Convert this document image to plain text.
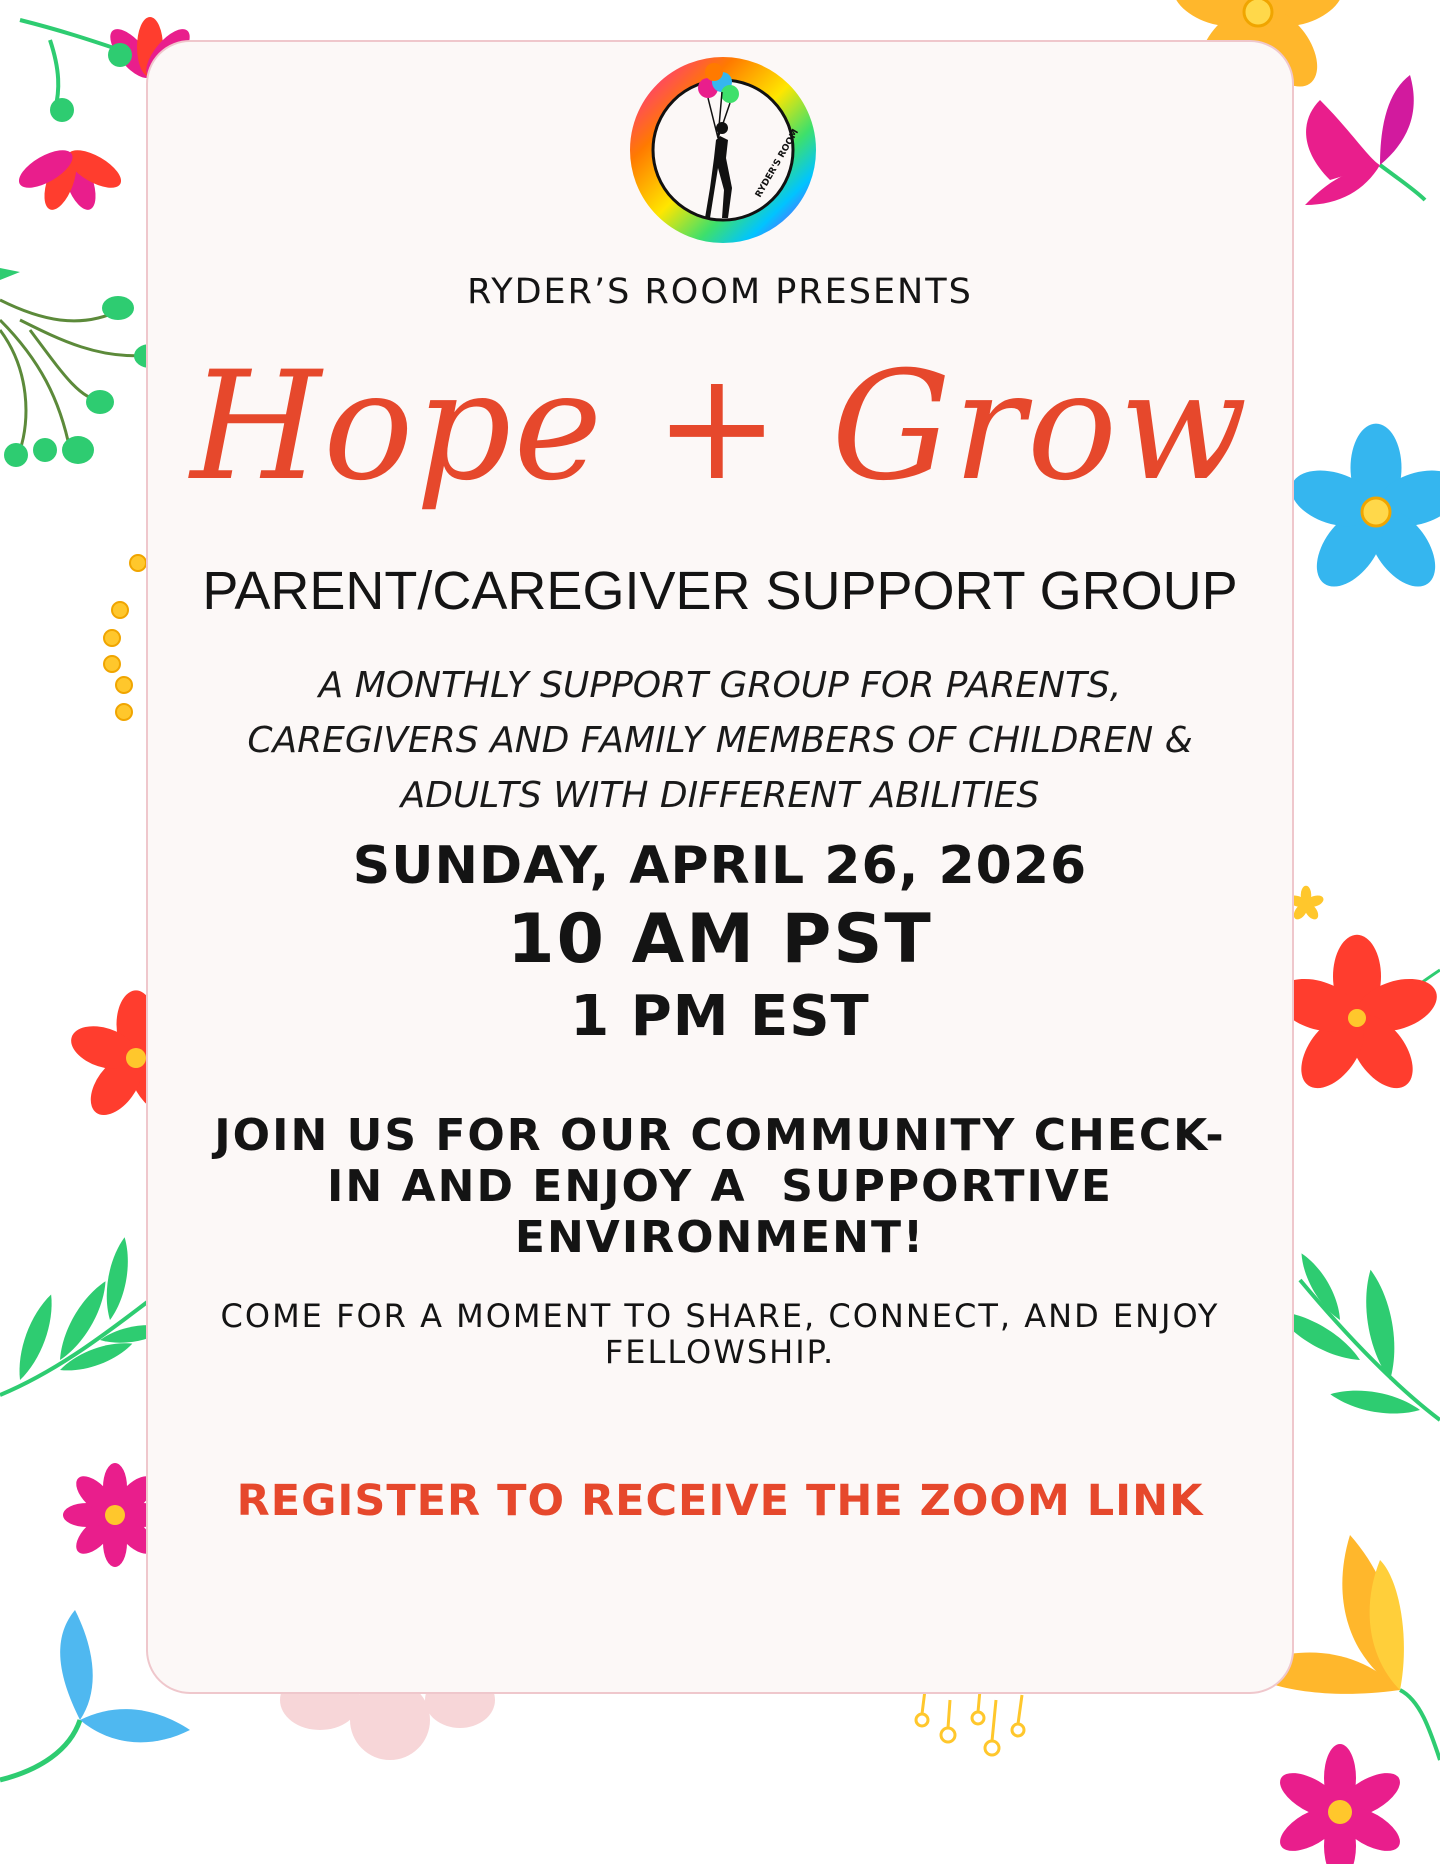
RYDER'S ROOM

RYDER’S ROOM PRESENTS

Hope + Grow

PARENT/CAREGIVER SUPPORT GROUP

A MONTHLY SUPPORT GROUP FOR PARENTS,
CAREGIVERS AND FAMILY MEMBERS OF CHILDREN &
ADULTS WITH DIFFERENT ABILITIES

SUNDAY, APRIL 26, 2026

10 AM PST

1 PM EST

JOIN US FOR OUR COMMUNITY CHECK-
IN AND ENJOY A  SUPPORTIVE
ENVIRONMENT!
COME FOR A MOMENT TO SHARE, CONNECT, AND ENJOY
FELLOWSHIP.

REGISTER TO RECEIVE THE ZOOM LINK
